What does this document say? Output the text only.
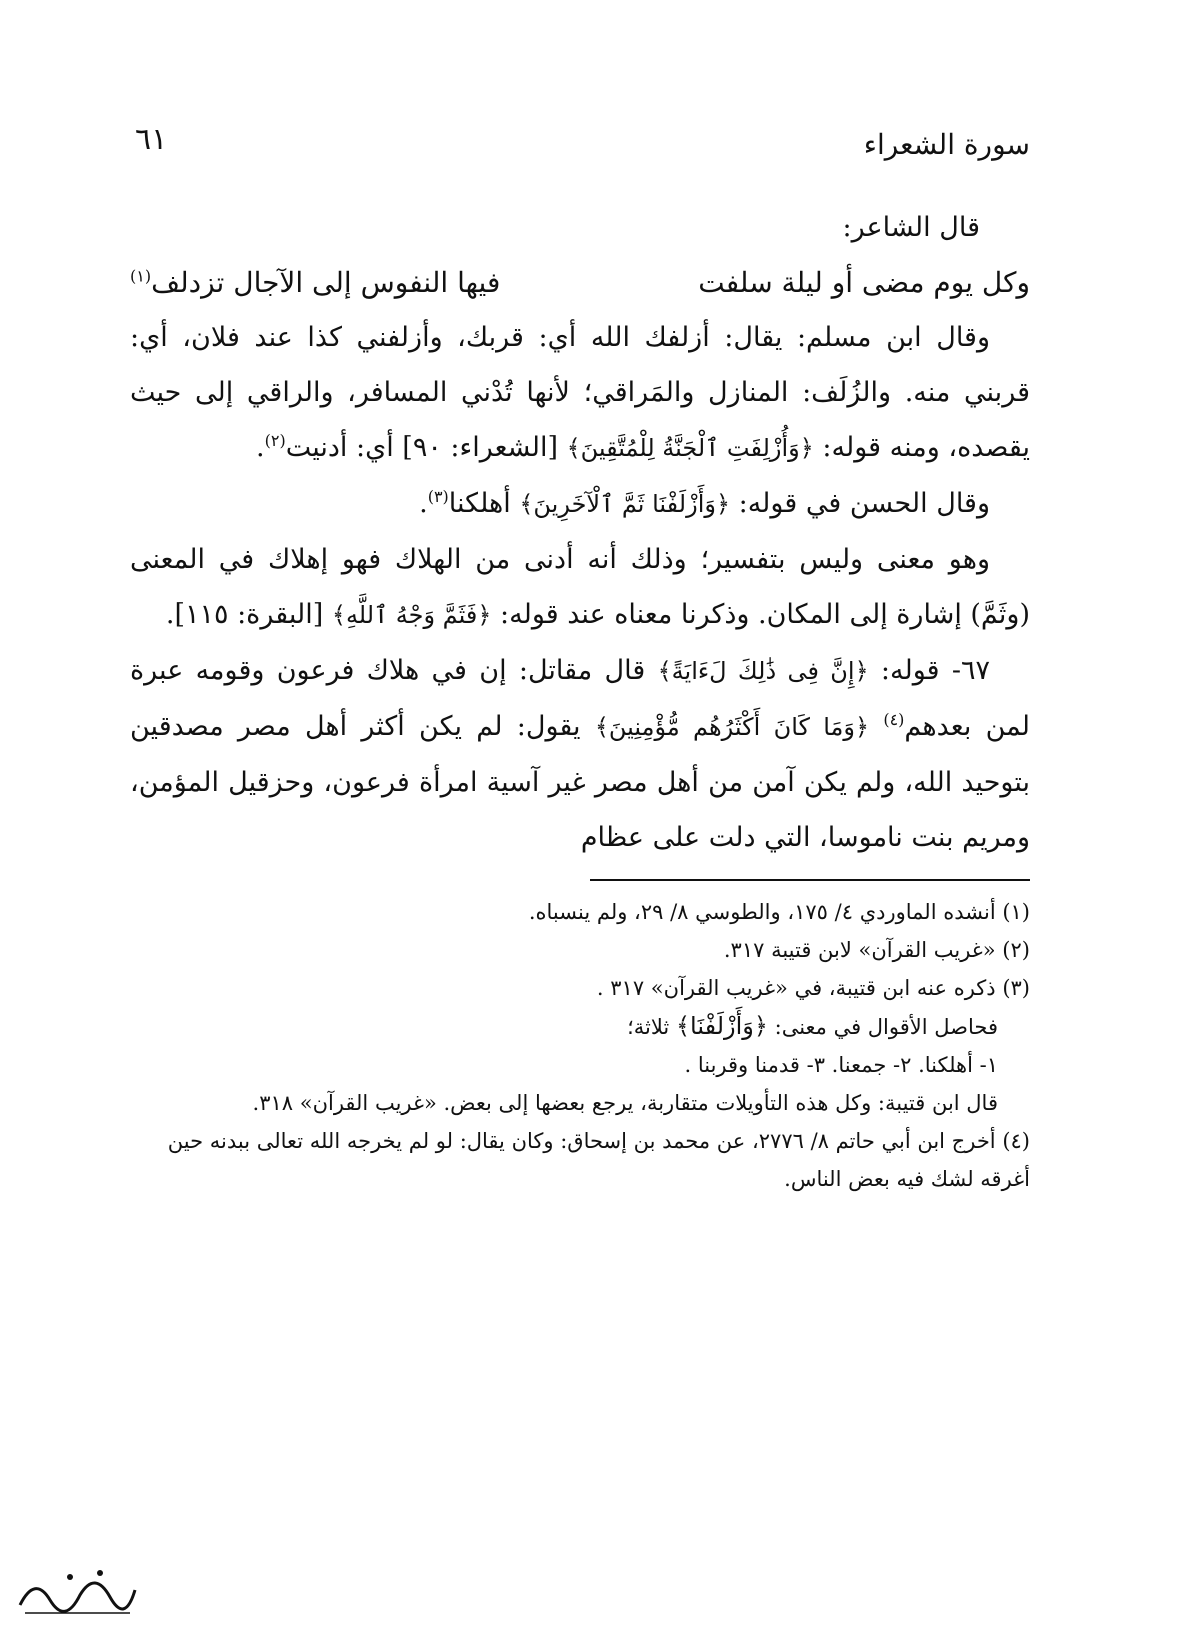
سورة الشعراء
٦١

قال الشاعر:

وكل يوم مضى أو ليلة سلفت
فيها النفوس إلى الآجال تزدلف$^{(١)}$

وقال ابن مسلم: يقال: أزلفك الله أي: قربك، وأزلفني كذا عند فلان، أي: قربني منه. والزُلَف: المنازل والمَراقي؛ لأنها تُدْني المسافر، والراقي إلى حيث يقصده، ومنه قوله: ﴿وَأُزْلِفَتِ ٱلْجَنَّةُ لِلْمُتَّقِينَ﴾ [الشعراء: ٩٠] أي: أدنيت$^{(٢)}$.

وقال الحسن في قوله: ﴿وَأَزْلَفْنَا ثَمَّ ٱلْآخَرِينَ﴾ أهلكنا$^{(٣)}$.

وهو معنى وليس بتفسير؛ وذلك أنه أدنى من الهلاك فهو إهلاك في المعنى (وثَمَّ) إشارة إلى المكان. وذكرنا معناه عند قوله: ﴿فَثَمَّ وَجْهُ ٱللَّهِ﴾ [البقرة: ١١٥].

٦٧- قوله: ﴿إِنَّ فِى ذَٰلِكَ لَءَايَةً﴾ قال مقاتل: إن في هلاك فرعون وقومه عبرة لمن بعدهم$^{(٤)}$ ﴿وَمَا كَانَ أَكْثَرُهُم مُّؤْمِنِينَ﴾ يقول: لم يكن أكثر أهل مصر مصدقين بتوحيد الله، ولم يكن آمن من أهل مصر غير آسية امرأة فرعون، وحزقيل المؤمن، ومريم بنت ناموسا، التي دلت على عظام

(١) أنشده الماوردي ٤/ ١٧٥، والطوسي ٨/ ٢٩، ولم ينسباه.

(٢) «غريب القرآن» لابن قتيبة ٣١٧.

(٣) ذكره عنه ابن قتيبة، في «غريب القرآن» ٣١٧ .

فحاصل الأقوال في معنى: ﴿وَأَزْلَفْنَا﴾ ثلاثة؛

١- أهلكنا. ٢- جمعنا. ٣- قدمنا وقربنا .

قال ابن قتيبة: وكل هذه التأويلات متقاربة، يرجع بعضها إلى بعض. «غريب القرآن» ٣١٨.

(٤) أخرج ابن أبي حاتم ٨/ ٢٧٧٦، عن محمد بن إسحاق: وكان يقال: لو لم يخرجه الله تعالى ببدنه حين أغرقه لشك فيه بعض الناس.
